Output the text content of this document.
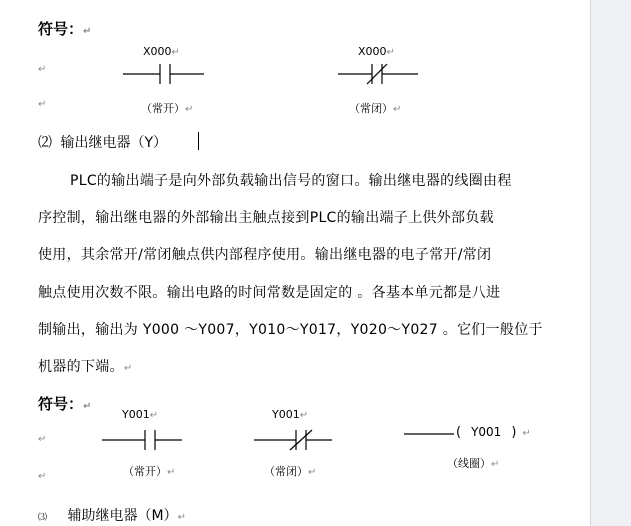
符号：↵
X000↵	X000↵
↵
↵	（常开）↵	（常闭）↵
⑵ 输出继电器（Y）
PLC的输出端子是向外部负载输出信号的窗口。输出继电器的线圈由程
序控制，输出继电器的外部输出主触点接到PLC的输出端子上供外部负载
使用，其余常开/常闭触点供内部程序使用。输出继电器的电子常开/常闭
触点使用次数不限。输出电路的时间常数是固定的 。各基本单元都是八进
制输出，输出为 Y000 ～Y007，Y010～Y017，Y020～Y027 。它们一般位于
机器的下端。↵
符号：↵
Y001↵	Y001↵
↵	( Y001 ) ↵
（线圈）↵
（常开）↵	（常闭）↵
↵
⑶ 辅助继电器（M）↵
